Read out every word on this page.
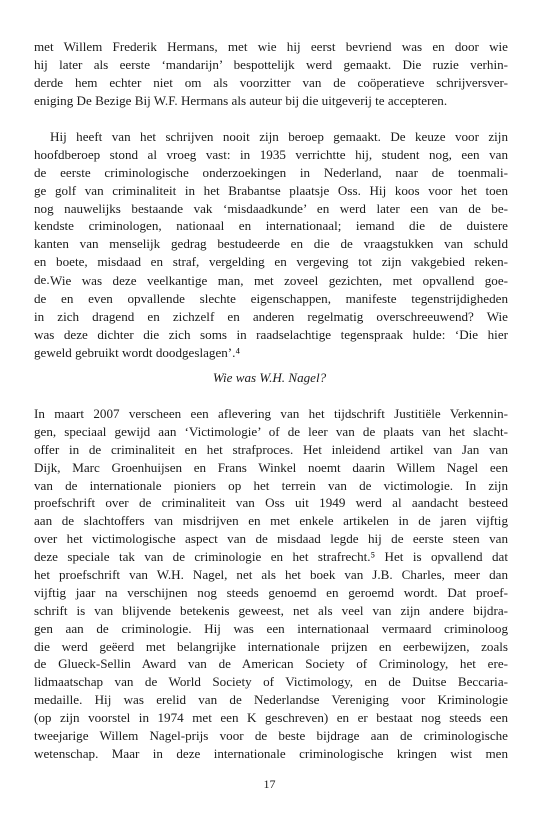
met Willem Frederik Hermans, met wie hij eerst bevriend was en door wie
hij later als eerste ‘mandarijn’ bespottelijk werd gemaakt. Die ruzie verhin-
derde hem echter niet om als voorzitter van de coöperatieve schrijversver-
eniging De Bezige Bij W.F. Hermans als auteur bij die uitgeverij te accepteren.
Hij heeft van het schrijven nooit zijn beroep gemaakt. De keuze voor zijn
hoofdberoep stond al vroeg vast: in 1935 verrichtte hij, student nog, een van
de eerste criminologische onderzoekingen in Nederland, naar de toenmali-
ge golf van criminaliteit in het Brabantse plaatsje Oss. Hij koos voor het toen
nog nauwelijks bestaande vak ‘misdaadkunde’ en werd later een van de be-
kendste criminologen, nationaal en internationaal; iemand die de duistere
kanten van menselijk gedrag bestudeerde en die de vraagstukken van schuld
en boete, misdaad en straf, vergelding en vergeving tot zijn vakgebied reken-
de. Wie was deze veelkantige man, met zoveel gezichten, met opvallend goe-
de en even opvallende slechte eigenschappen, manifeste tegenstrijdigheden
in zich dragend en zichzelf en anderen regelmatig overschreeuwend? Wie
was deze dichter die zich soms in raadselachtige tegenspraak hulde: ‘Die hier
geweld gebruikt wordt doodgeslagen’.⁴
Wie was W.H. Nagel?
In maart 2007 verscheen een aflevering van het tijdschrift Justitiële Verkennin-
gen, speciaal gewijd aan ‘Victimologie’ of de leer van de plaats van het slacht-
offer in de criminaliteit en het strafproces. Het inleidend artikel van Jan van
Dijk, Marc Groenhuijsen en Frans Winkel noemt daarin Willem Nagel een
van de internationale pioniers op het terrein van de victimologie. In zijn
proefschrift over de criminaliteit van Oss uit 1949 werd al aandacht besteed
aan de slachtoffers van misdrijven en met enkele artikelen in de jaren vijftig
over het victimologische aspect van de misdaad legde hij de eerste steen van
deze speciale tak van de criminologie en het strafrecht.⁵ Het is opvallend dat
het proefschrift van W.H. Nagel, net als het boek van J.B. Charles, meer dan
vijftig jaar na verschijnen nog steeds genoemd en geroemd wordt. Dat proef-
schrift is van blijvende betekenis geweest, net als veel van zijn andere bijdra-
gen aan de criminologie. Hij was een internationaal vermaard criminoloog
die werd geëerd met belangrijke internationale prijzen en eerbewijzen, zoals
de Glueck-Sellin Award van de American Society of Criminology, het ere-
lidmaatschap van de World Society of Victimology, en de Duitse Beccaria-
medaille. Hij was erelid van de Nederlandse Vereniging voor Kriminologie
(op zijn voorstel in 1974 met een K geschreven) en er bestaat nog steeds een
tweejarige Willem Nagel-prijs voor de beste bijdrage aan de criminologische
wetenschap. Maar in deze internationale criminologische kringen wist men
17
